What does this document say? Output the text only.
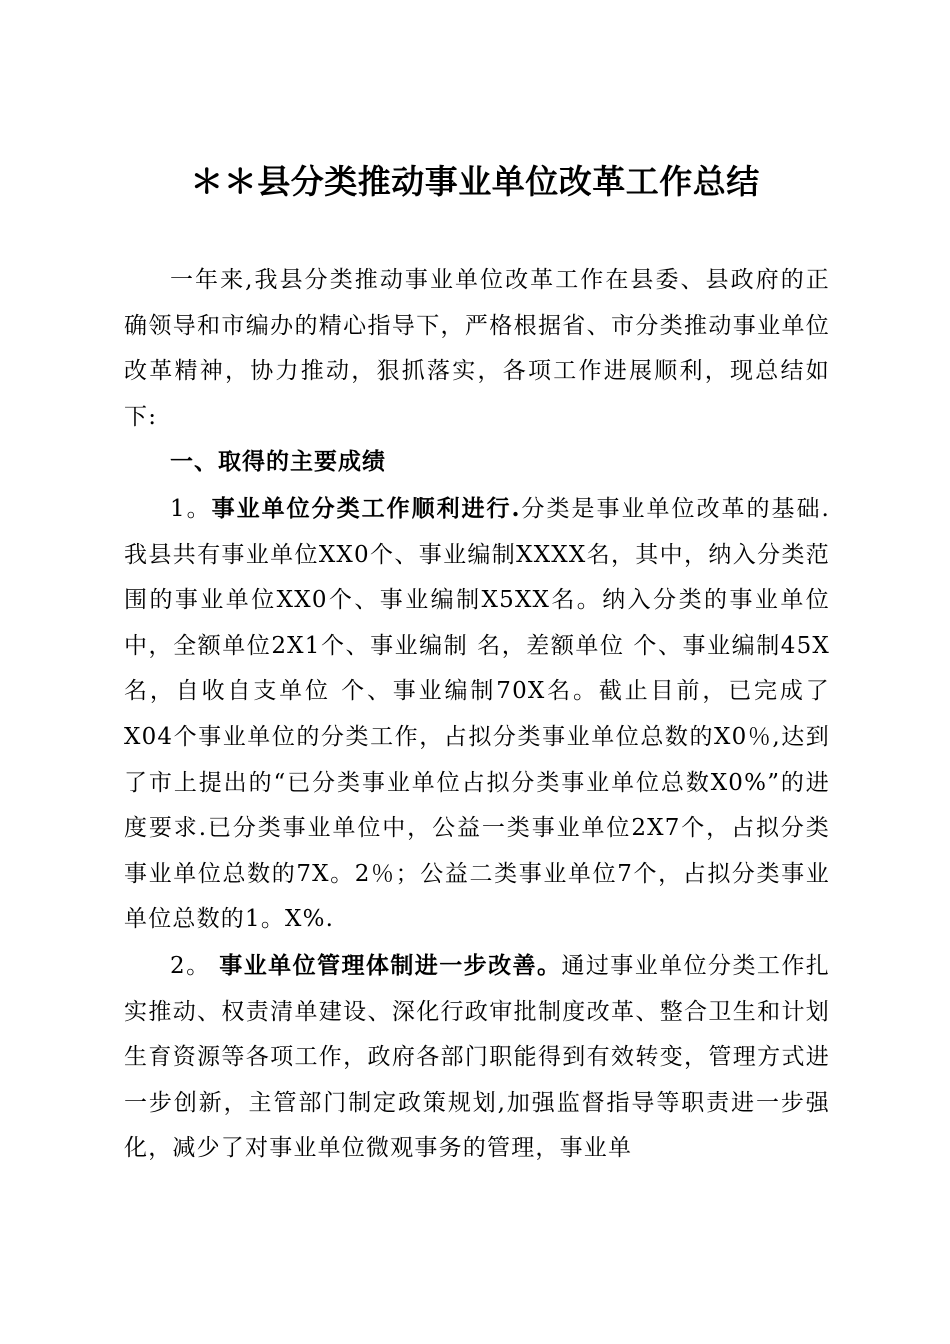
＊＊县分类推动事业单位改革工作总结

一年来,我县分类推动事业单位改革工作在县委、县政府的正确领导和市编办的精心指导下，严格根据省、市分类推动事业单位改革精神，协力推动，狠抓落实，各项工作进展顺利，现总结如下:

一、取得的主要成绩

1。事业单位分类工作顺利进行.分类是事业单位改革的基础.我县共有事业单位XX0个、事业编制XXXX名，其中，纳入分类范围的事业单位XX0个、事业编制X5XX名。纳入分类的事业单位中，全额单位2X1个、事业编制 名，差额单位 个、事业编制45X名，自收自支单位 个、事业编制70X名。截止目前，已完成了X04个事业单位的分类工作，占拟分类事业单位总数的X0％,达到了市上提出的“已分类事业单位占拟分类事业单位总数X0%”的进度要求.已分类事业单位中，公益一类事业单位2X7个，占拟分类事业单位总数的7X。2％；公益二类事业单位7个，占拟分类事业单位总数的1。X%.

2。 事业单位管理体制进一步改善。通过事业单位分类工作扎实推动、权责清单建设、深化行政审批制度改革、整合卫生和计划生育资源等各项工作，政府各部门职能得到有效转变，管理方式进一步创新，主管部门制定政策规划,加强监督指导等职责进一步强化，减少了对事业单位微观事务的管理，事业单
